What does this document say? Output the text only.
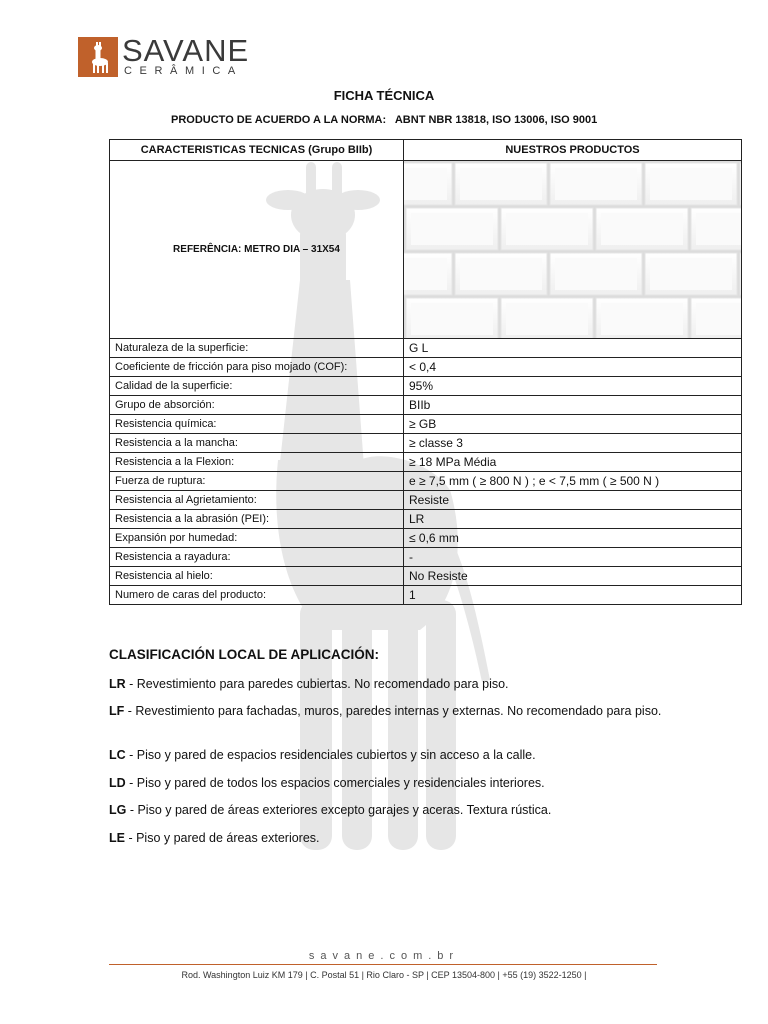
SAVANE
CERÂMICA
FICHA TÉCNICA
PRODUCTO DE ACUERDO A LA NORMA:   ABNT NBR 13818, ISO 13006, ISO 9001
CARACTERISTICAS TECNICAS (Grupo BIIb)	NUESTROS PRODUCTOS
REFERÊNCIA: METRO DIA – 31X54	

Naturaleza de la superficie:	G L
Coeficiente de fricción para piso mojado (COF):	< 0,4
Calidad de la superficie:	95%
Grupo de absorción:	BIIb
Resistencia química:	≥ GB
Resistencia a la mancha:	≥ classe 3
Resistencia a la Flexion:	≥ 18 MPa Média
Fuerza de ruptura:	e ≥ 7,5 mm ( ≥ 800 N ) ; e < 7,5 mm ( ≥ 500 N )
Resistencia al Agrietamiento:	Resiste
Resistencia a la abrasión (PEI):	LR
Expansión por humedad:	≤ 0,6 mm
Resistencia a rayadura:	-
Resistencia al hielo:	No Resiste
Numero de caras del producto:	1
CLASIFICACIÓN LOCAL DE APLICACIÓN:
LR - Revestimiento para paredes cubiertas. No recomendado para piso.
LF - Revestimiento para fachadas, muros, paredes internas y externas. No recomendado para piso.
LC - Piso y pared de espacios residenciales cubiertos y sin acceso a la calle.
LD - Piso y pared de todos los espacios comerciales y residenciales interiores.
LG - Piso y pared de áreas exteriores excepto garajes y aceras. Textura rústica.
LE - Piso y pared de áreas exteriores.
savane.com.br
Rod. Washington Luiz KM 179 | C. Postal 51 | Rio Claro - SP | CEP 13504-800 | +55 (19) 3522-1250 |
